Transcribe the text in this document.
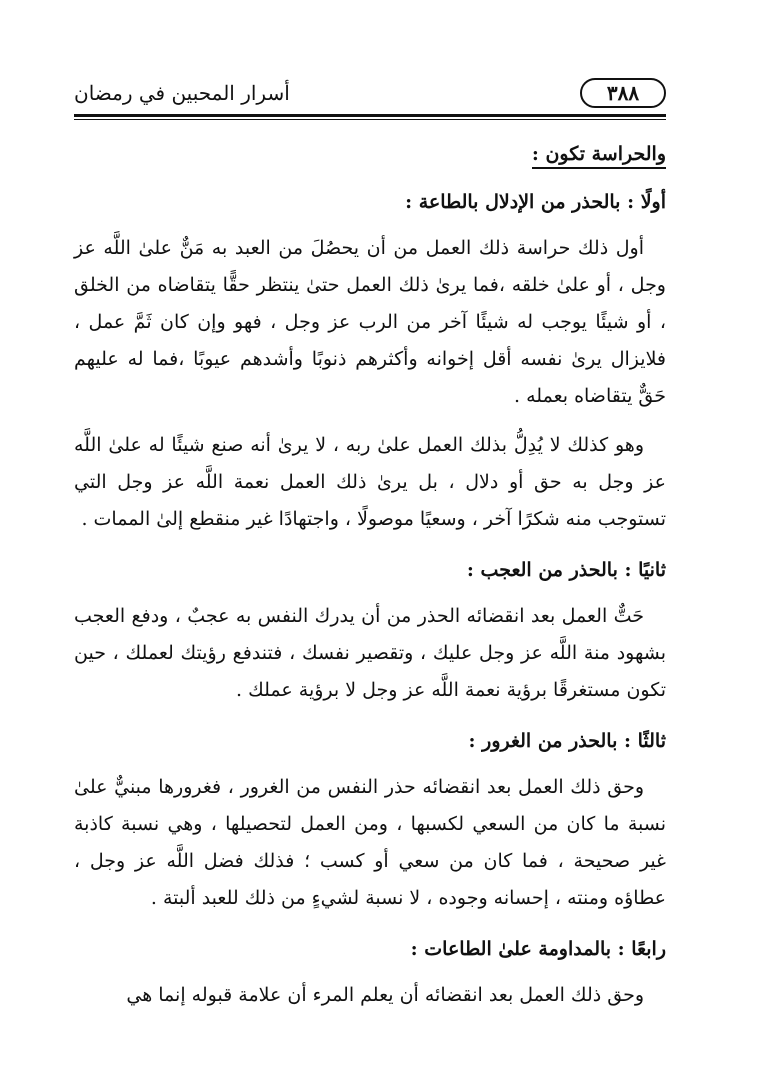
٣٨٨
أسرار المحبين في رمضان

والحراسة تكون :

أولًا : بالحذر من الإدلال بالطاعة :

أول ذلك حراسة ذلك العمل من أن يحصُلَ من العبد به مَنٌّ علىٰ اللَّه عز وجل ، أو علىٰ خلقه ،فما يرىٰ ذلك العمل حتىٰ ينتظر حقًّا يتقاضاه من الخلق ، أو شيئًا يوجب له شيئًا آخر من الرب عز وجل ، فهو وإن كان ثَمَّ عمل ، فلايزال يرىٰ نفسه أقل إخوانه وأكثرهم ذنوبًا وأشدهم عيوبًا ،فما له عليهم حَقٌّ يتقاضاه بعمله .

وهو كذلك لا يُدِلُّ بذلك العمل علىٰ ربه ، لا يرىٰ أنه صنع شيئًا له علىٰ اللَّه عز وجل به حق أو دلال ، بل يرىٰ ذلك العمل نعمة اللَّه عز وجل التي تستوجب منه شكرًا آخر ، وسعيًا موصولًا ، واجتهادًا غير منقطع إلىٰ الممات .

ثانيًا : بالحذر من العجب :

حَتٌّ العمل بعد انقضائه الحذر من أن يدرك النفس به عجبٌ ، ودفع العجب بشهود منة اللَّه عز وجل عليك ، وتقصير نفسك ، فتندفع رؤيتك لعملك ، حين تكون مستغرقًا برؤية نعمة اللَّه عز وجل لا برؤية عملك .

ثالثًا : بالحذر من الغرور :

وحق ذلك العمل بعد انقضائه حذر النفس من الغرور ، فغرورها مبنيٌّ علىٰ نسبة ما كان من السعي لكسبها ، ومن العمل لتحصيلها ، وهي نسبة كاذبة غير صحيحة ، فما كان من سعي أو كسب ؛ فذلك فضل اللَّه عز وجل ، عطاؤه ومنته ، إحسانه وجوده ، لا نسبة لشيءٍ من ذلك للعبد ألبتة .

رابعًا : بالمداومة علىٰ الطاعات :

وحق ذلك العمل بعد انقضائه أن يعلم المرء أن علامة قبوله إنما هي
